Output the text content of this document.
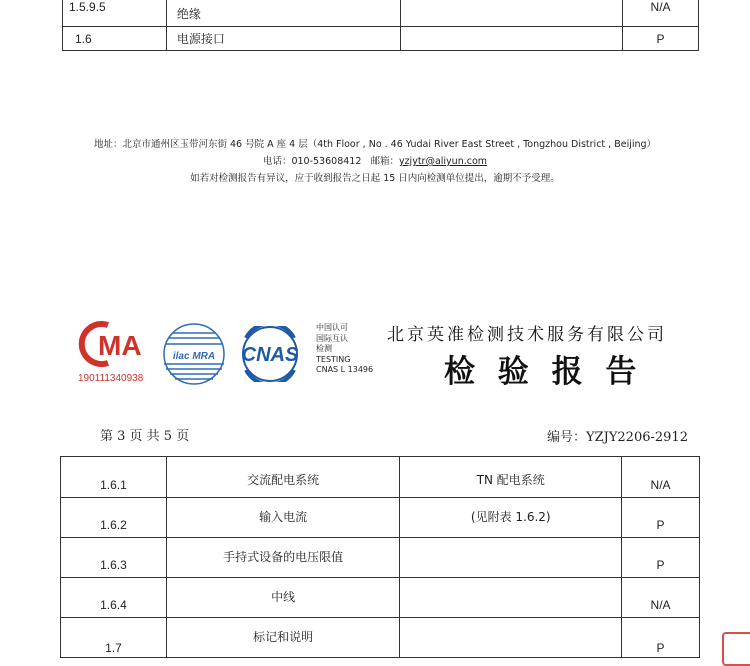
1.5.9.5	绝缘		N/A
1.6	电源接口		P
地址：北京市通州区玉带河东街 46 号院 A 座 4 层（4th Floor , No . 46 Yudai River East Street , Tongzhou District , Beijing）
电话：010-53608412 邮箱：yzjytr@aliyun.com
如若对检测报告有异议，应于收到报告之日起 15 日内向检测单位提出，逾期不予受理。
MA
190111340938
ilac MRA CNAS
中国认可
国际互认
检测
TESTING
CNAS L 13496
北京英准检测技术服务有限公司
检 验 报 告
第 3 页 共 5 页	编号：YZJY2206-2912
1.6.1	交流配电系统	TN 配电系统	N/A
1.6.2	输入电流	(见附表 1.6.2)	P
1.6.3	手持式设备的电压限值		P
1.6.4	中线		N/A
1.7	标记和说明		P
